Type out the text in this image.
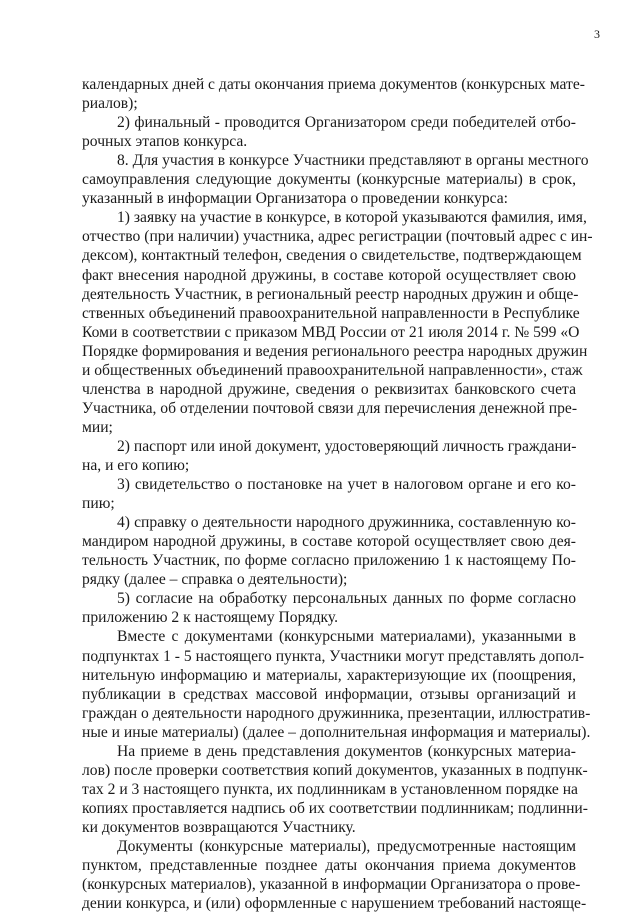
3
календарных дней с даты окончания приема документов (конкурсных мате-
риалов);
2) финальный - проводится Организатором среди победителей отбо-
рочных этапов конкурса.
8. Для участия в конкурсе Участники представляют в органы местного
самоуправления следующие документы (конкурсные материалы) в срок,
указанный в информации Организатора о проведении конкурса:
1) заявку на участие в конкурсе, в которой указываются фамилия, имя,
отчество (при наличии) участника, адрес регистрации (почтовый адрес с ин-
дексом), контактный телефон, сведения о свидетельстве, подтверждающем
факт внесения народной дружины, в составе которой осуществляет свою
деятельность Участник, в региональный реестр народных дружин и обще-
ственных объединений правоохранительной направленности в Республике
Коми в соответствии с приказом МВД России от 21 июля 2014 г. № 599 «О
Порядке формирования и ведения регионального реестра народных дружин
и общественных объединений правоохранительной направленности», стаж
членства в народной дружине, сведения о реквизитах банковского счета
Участника, об отделении почтовой связи для перечисления денежной пре-
мии;
2) паспорт или иной документ, удостоверяющий личность граждани-
на, и его копию;
3) свидетельство о постановке на учет в налоговом органе и его ко-
пию;
4) справку о деятельности народного дружинника, составленную ко-
мандиром народной дружины, в составе которой осуществляет свою дея-
тельность Участник, по форме согласно приложению 1 к настоящему По-
рядку (далее – справка о деятельности);
5) согласие на обработку персональных данных по форме согласно
приложению 2 к настоящему Порядку.
Вместе с документами (конкурсными материалами), указанными в
подпунктах 1 - 5 настоящего пункта, Участники могут представлять допол-
нительную информацию и материалы, характеризующие их (поощрения,
публикации в средствах массовой информации, отзывы организаций и
граждан о деятельности народного дружинника, презентации, иллюстратив-
ные и иные материалы) (далее – дополнительная информация и материалы).
На приеме в день представления документов (конкурсных материа-
лов) после проверки соответствия копий документов, указанных в подпунк-
тах 2 и 3 настоящего пункта, их подлинникам в установленном порядке на
копиях проставляется надпись об их соответствии подлинникам; подлинни-
ки документов возвращаются Участнику.
Документы (конкурсные материалы), предусмотренные настоящим
пунктом, представленные позднее даты окончания приема документов
(конкурсных материалов), указанной в информации Организатора о прове-
дении конкурса, и (или) оформленные с нарушением требований настояще-
